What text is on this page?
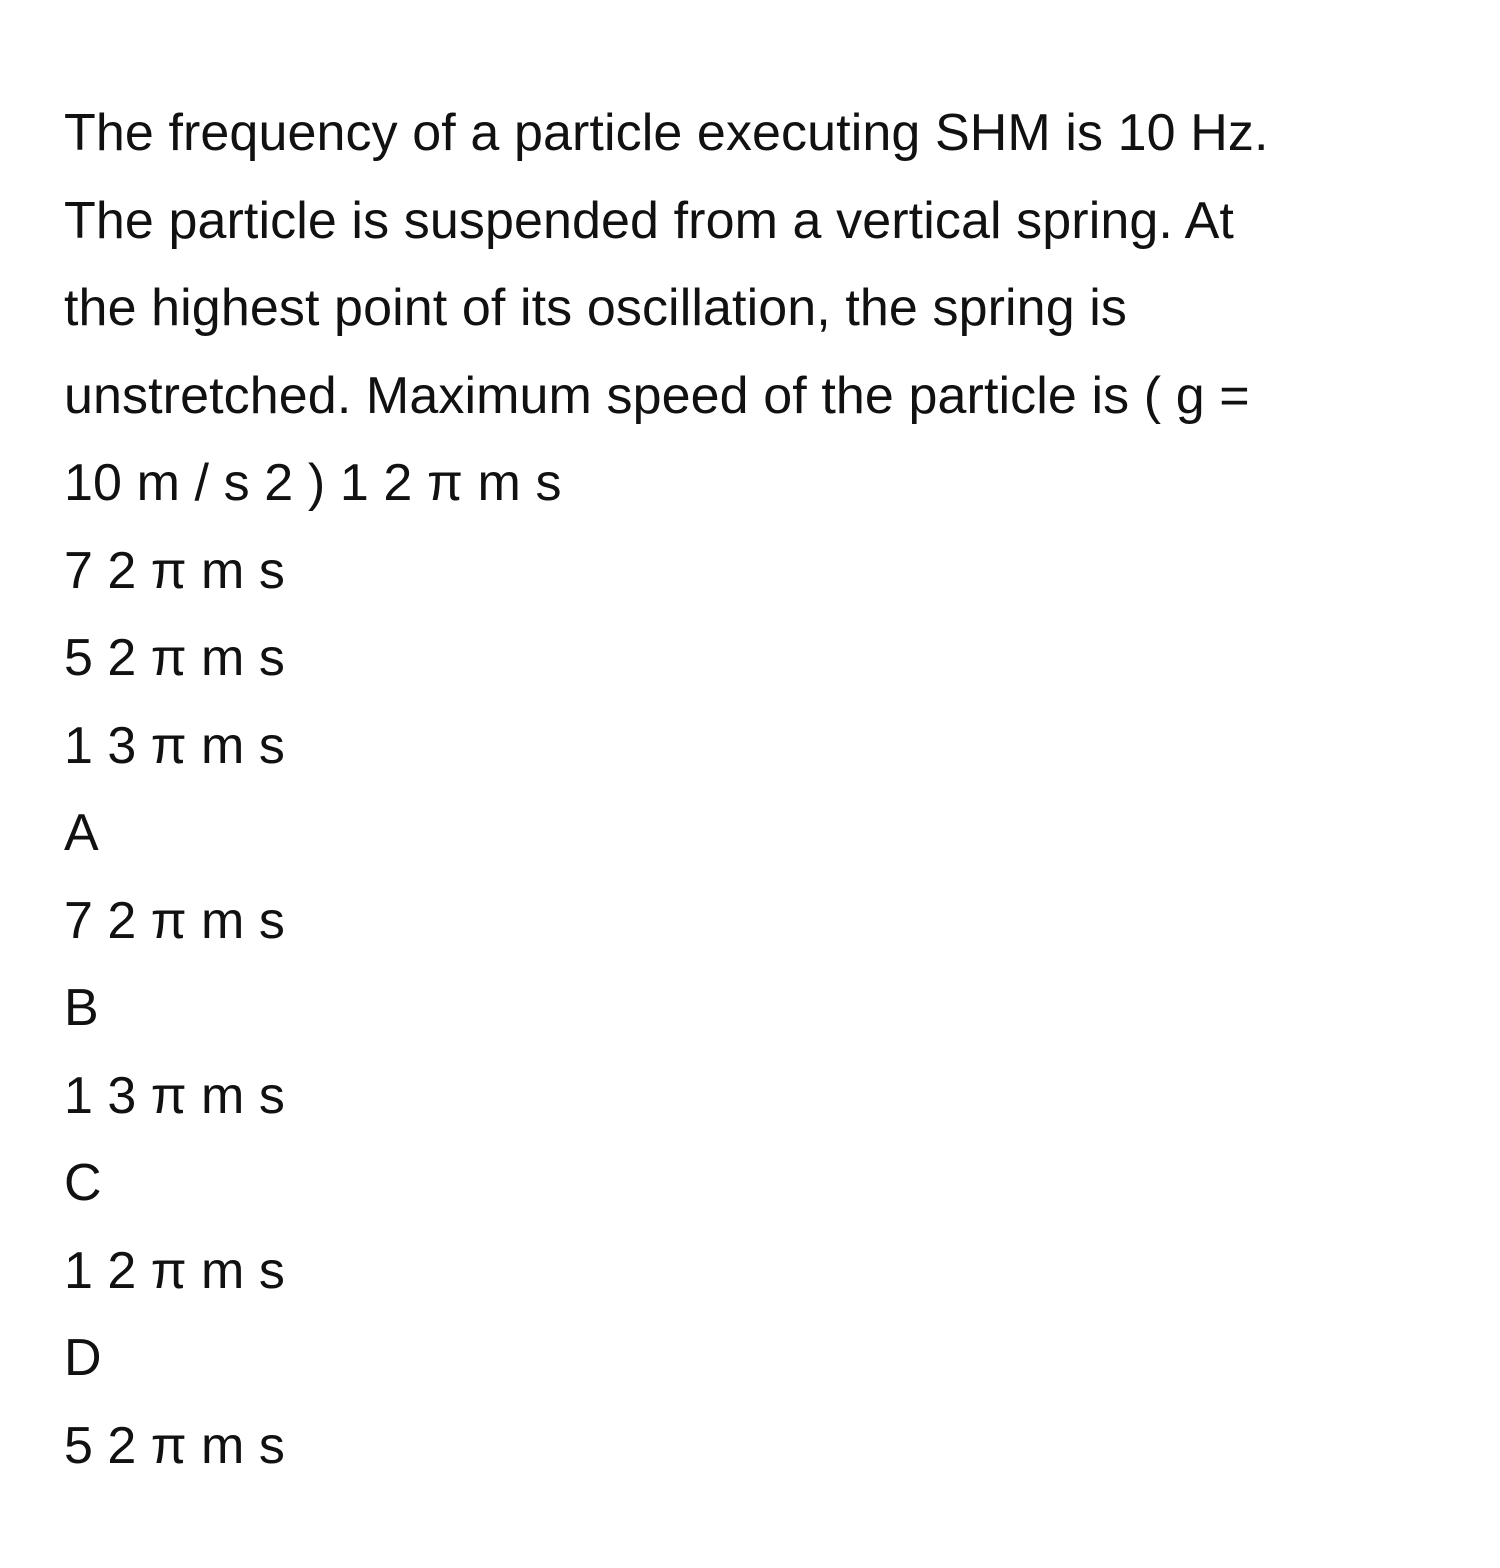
The frequency of a particle executing SHM is 10 Hz.
The particle is suspended from a vertical spring. At
the highest point of its oscillation, the spring is
unstretched. Maximum speed of the particle is ( g =
10 m / s 2 ) 1 2 π m s
7 2 π m s
5 2 π m s
1 3 π m s
A
7 2 π m s
B
1 3 π m s
C
1 2 π m s
D
5 2 π m s
